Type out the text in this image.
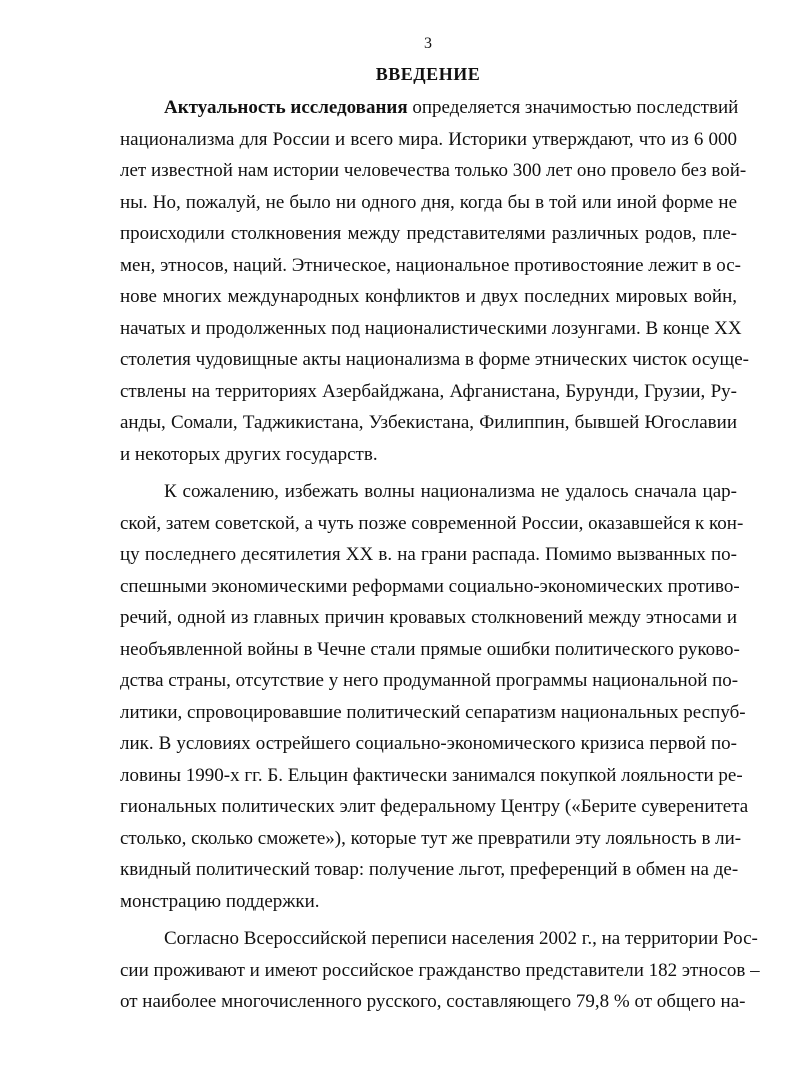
3
ВВЕДЕНИЕ
Актуальность исследования определяется значимостью последствий
национализма для России и всего мира. Историки утверждают, что из 6 000
лет известной нам истории человечества только 300 лет оно провело без вой-
ны. Но, пожалуй, не было ни одного дня, когда бы в той или иной форме не
происходили столкновения между представителями различных родов, пле-
мен, этносов, наций. Этническое, национальное противостояние лежит в ос-
нове многих международных конфликтов и двух последних мировых войн,
начатых и продолженных под националистическими лозунгами. В конце XX
столетия чудовищные акты национализма в форме этнических чисток осуще-
ствлены на территориях Азербайджана, Афганистана, Бурунди, Грузии, Ру-
анды, Сомали, Таджикистана, Узбекистана, Филиппин, бывшей Югославии
и некоторых других государств.
К сожалению, избежать волны национализма не удалось сначала цар-
ской, затем советской, а чуть позже современной России, оказавшейся к кон-
цу последнего десятилетия XX в. на грани распада. Помимо вызванных по-
спешными экономическими реформами социально-экономических противо-
речий, одной из главных причин кровавых столкновений между этносами и
необъявленной войны в Чечне стали прямые ошибки политического руково-
дства страны, отсутствие у него продуманной программы национальной по-
литики, спровоцировавшие политический сепаратизм национальных респуб-
лик. В условиях острейшего социально-экономического кризиса первой по-
ловины 1990-х гг. Б. Ельцин фактически занимался покупкой лояльности ре-
гиональных политических элит федеральному Центру («Берите суверенитета
столько, сколько сможете»), которые тут же превратили эту лояльность в ли-
квидный политический товар: получение льгот, преференций в обмен на де-
монстрацию поддержки.
Согласно Всероссийской переписи населения 2002 г., на территории Рос-
сии проживают и имеют российское гражданство представители 182 этносов –
от наиболее многочисленного русского, составляющего 79,8 % от общего на-
